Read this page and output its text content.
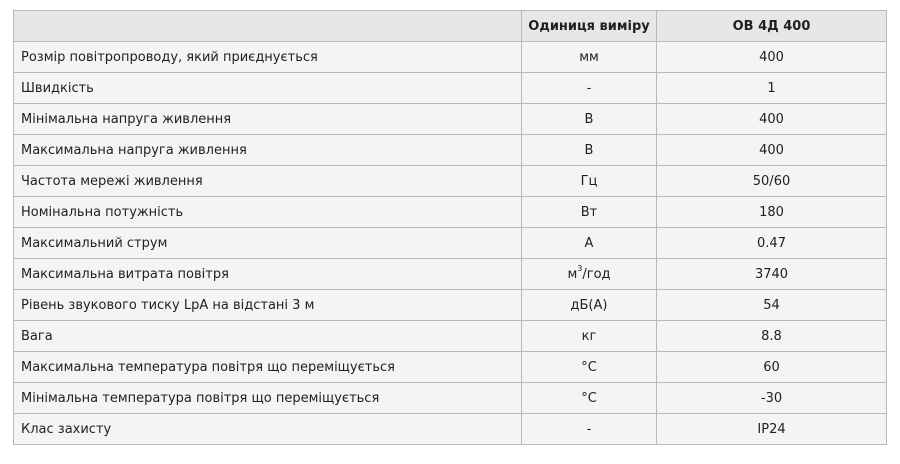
	Одиниця виміру	OВ 4Д 400
Розмір повітропроводу, який приєднується	мм	400
Швидкість	-	1
Мінімальна напруга живлення	В	400
Максимальна напруга живлення	В	400
Частота мережі живлення	Гц	50/60
Номінальна потужність	Вт	180
Максимальний струм	А	0.47
Максимальна витрата повітря	$м^3$/год	3740
Рівень звукового тиску LpA на відстані 3 м	дБ(А)	54
Вага	кг	8.8
Максимальна температура повітря що переміщується	°C	60
Мінімальна температура повітря що переміщується	°C	-30
Клас захисту	-	IP24
